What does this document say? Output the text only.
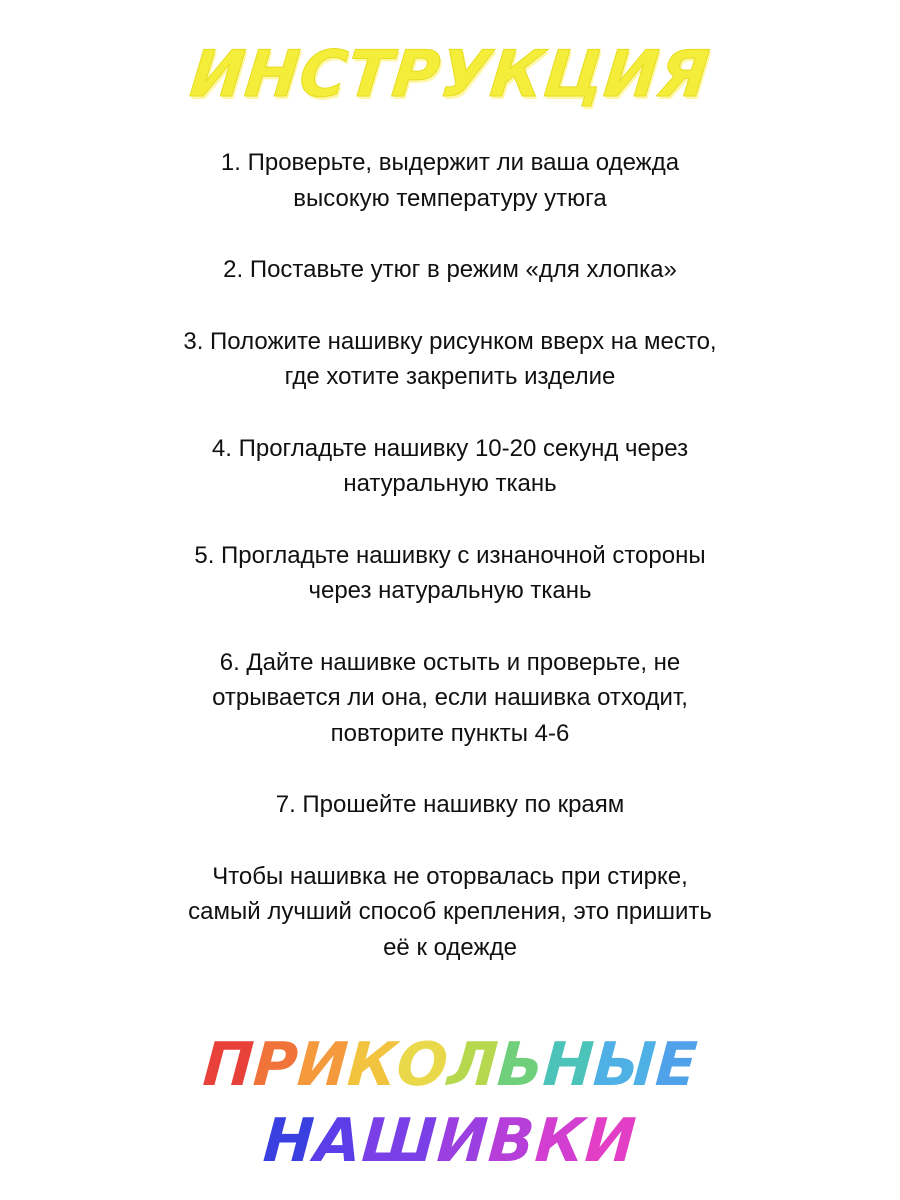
ИНСТРУКЦИЯ
1. Проверьте, выдержит ли ваша одежда
высокую температуру утюга
2. Поставьте утюг в режим «для хлопка»
3. Положите нашивку рисунком вверх на место,
где хотите закрепить изделие
4. Прогладьте нашивку 10-20 секунд через
натуральную ткань
5. Прогладьте нашивку с изнаночной стороны
через натуральную ткань
6. Дайте нашивке остыть и проверьте, не
отрывается ли она, если нашивка отходит,
повторите пункты 4-6
7. Прошейте нашивку по краям
Чтобы нашивка не оторвалась при стирке,
самый лучший способ крепления, это пришить
её к одежде
ПРИКОЛЬНЫЕ
НАШИВКИ
